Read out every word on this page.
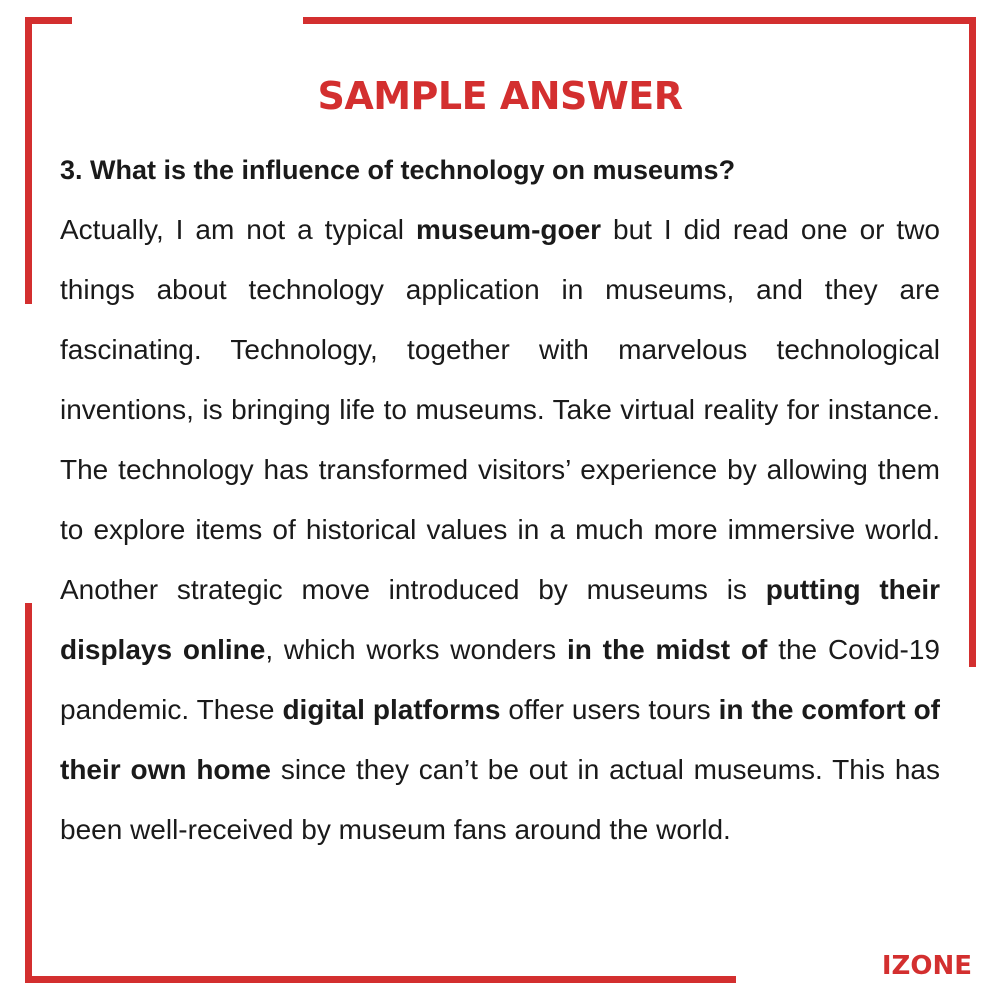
SAMPLE ANSWER

3. What is the influence of technology on museums?

Actually, I am not a typical museum-goer but I did read one or two things about technology application in museums, and they are fascinating. Technology, together with marvelous technological inventions, is bringing life to museums. Take virtual reality for instance. The technology has transformed visitors’ experience by allowing them to explore items of historical values in a much more immersive world. Another strategic move introduced by museums is putting their displays online, which works wonders in the midst of the Covid-19 pandemic. These digital platforms offer users tours in the comfort of their own home since they can’t be out in actual museums. This has been well-received by museum fans around the world.

IZONE
